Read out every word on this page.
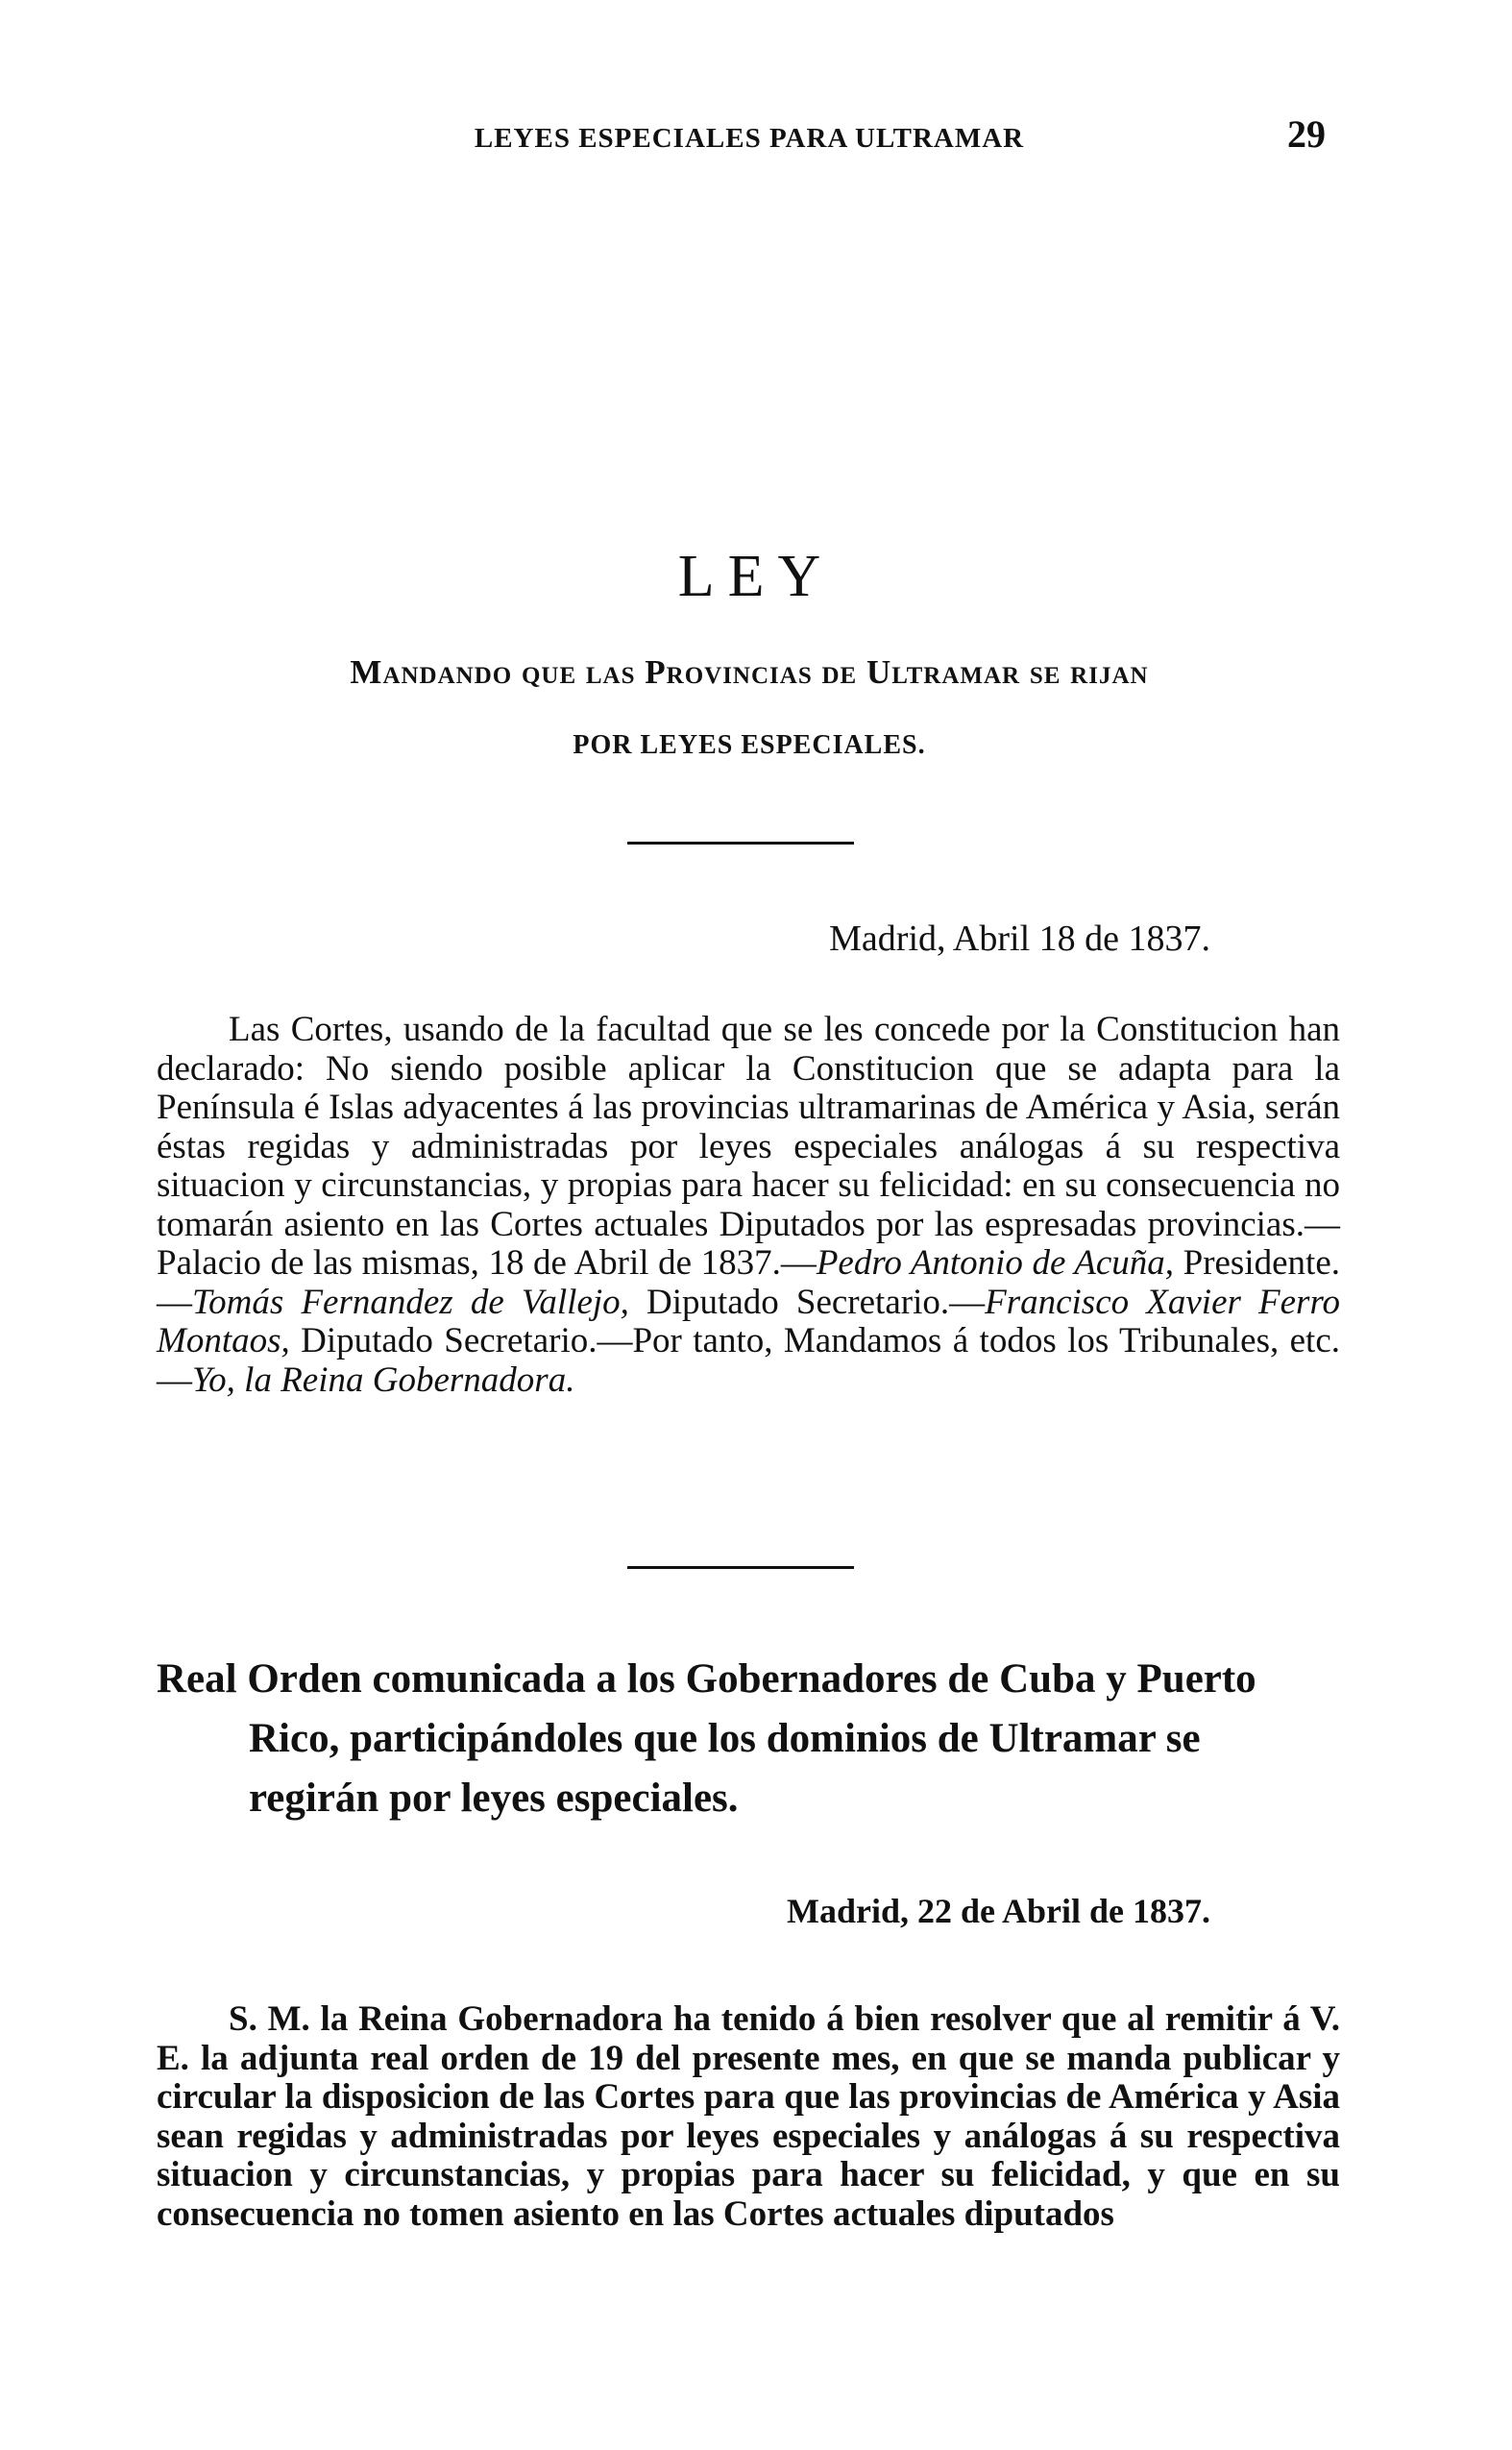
LEYES ESPECIALES PARA ULTRAMAR	29
LEY
Mandando que las Provincias de Ultramar se rijan
POR LEYES ESPECIALES.
Madrid, Abril 18 de 1837.
Las Cortes, usando de la facultad que se les concede por la Constitucion han declarado: No siendo posible aplicar la Constitucion que se adapta para la Península é Islas adyacentes á las provincias ultramarinas de América y Asia, serán éstas regidas y administradas por leyes especiales análogas á su respectiva situacion y circunstancias, y propias para hacer su felicidad: en su consecuencia no tomarán asiento en las Cortes actuales Diputados por las espresadas provincias.—Palacio de las mismas, 18 de Abril de 1837.—Pedro Antonio de Acuña, Presidente.—Tomás Fernandez de Vallejo, Diputado Secretario.—Francisco Xavier Ferro Montaos, Diputado Secretario.—Por tanto, Mandamos á todos los Tribunales, etc.—Yo, la Reina Gobernadora.
Real Orden comunicada a los Gobernadores de Cuba y Puerto Rico, participándoles que los dominios de Ultramar se regirán por leyes especiales.
Madrid, 22 de Abril de 1837.
S. M. la Reina Gobernadora ha tenido á bien resolver que al remitir á V. E. la adjunta real orden de 19 del presente mes, en que se manda publicar y circular la disposicion de las Cortes para que las provincias de América y Asia sean regidas y administradas por leyes especiales y análogas á su respectiva situacion y circunstancias, y propias para hacer su felicidad, y que en su consecuencia no tomen asiento en las Cortes actuales diputados
